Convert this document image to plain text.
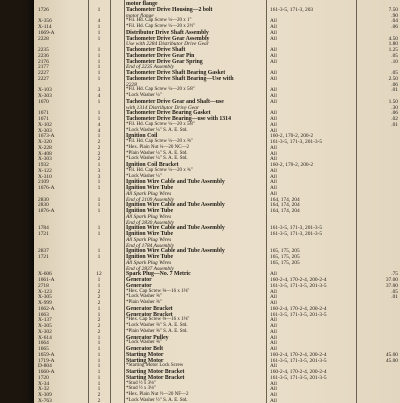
motor flange
1726	1	Tachometer Drive Housing—2 bolt	161-3-5, 171-3, 203	7.50
motor flange	.90
X-356	4	*Fil. Hd. Cap Screw ¼—20 x 1"	All	.04
X-114	1	*Fil. Hd. Cap Screw ¼—20 x 2½"	All	.06
1669-A	1	Distributor Drive Shaft Assembly	All
2228	1	Tachometer Drive Gear Assembly	All	4.50
Use with 2284 Distributor Drive Gear	1.80
2235	1	Tachometer Drive Shaft	All	1.25
2236	1	Tachometer Drive Gear Pin	All	.05
2176	1	Tachometer Drive Gear Spring	All	.10
2177	1	End of 2235 Assembly
2227	1	Tachometer Drive Shaft Bearing Gasket	All	.05
2227	1	Tachometer Drive Shaft Bearing—Use with	All	2.50
2228	.06
X-103	3	*Fil. Hd. Cap Screw ¼—20 x 5⁄8"	All	.01
X-303	4	*Lock Washer ¼"	All
1670	1	Tachometer Drive Gear and Shaft—use	All	1.50
with 1314 Distributor Drive Gear	.30
1671	1	Tachometer Drive Bearing Gasket	All	.06
1671	1	Tachometer Drive Bearing—use with 1314	All	.02
X-102	4	*Fil. Hd. Cap Screw ¼—20 x 5⁄8"	All	.01
X-303	4	*Lock Washer ¼" S. A. E. Std.	All
1673-A	1	Ignition Coil	160-2, 170-2, 200-2
X-320	2	*Fil. Hd. Cap Screw ¼—20 x ⅝"	161-3-5, 171-3, 201-3-5
X-228	2	*Hex. Plain Nut ¼—20 NC—2	All
X-408	2	*Plain Washer ¼" S. A. E. Std.	All
X-303	2	*Lock Washer ¼" S. A. E. Std.	All
1932	1	Ignition Coil Bracket	160-2, 170-2, 200-2
X-122	3	*Fil. Hd. Cap Screw ¼—20 x ¾"	All
X-310	3	*Lock Washer ¼"	All
2109	1	Ignition Wire Cable and Tube Assembly	All
1676-A	1	Ignition Wire Tube	All
All Spark Plug Wires	All
2830	1	End of 2109 Assembly	164, 174, 204
2830	1	Ignition Wire Cable and Tube Assembly	164, 174, 204
1876-A	1	Ignition Wire Tube	164, 174, 204
All Spark Plug Wires
End of 2830 Assembly
1784	1	Ignition Wire Cable and Tube Assembly	161-3-5, 171-3, 201-3-5
1721	1	Ignition Wire Tube	161-3-5, 171-3, 201-3-5
All Spark Plug Wires
End of 1784 Assembly
2837	1	Ignition Wire Cable and Tube Assembly	165, 175, 205
1721	1	Ignition Wire Tube	165, 175, 205
All Spark Plug Wires	165, 175, 205
End of 2837 Assembly
X-606	12	Spark Plug—No. 7 Metric	All	.75
1661-A	1	Generator	160-2-4, 170-2-4, 200-2-4	37.00
2718	1	Generator	161-3-5, 171-3-5, 201-3-5	37.00
X-123	2	*Hex. Cap Screw ⅜—16 x 1⅜"	All	.05
X-305	2	*Lock Washer ⅜"	All	.01
X-999	2	*Plain Washer ⅜"	All
1662-A	1	Generator Bracket	160-2-4, 170-2-4, 200-2-4
1663	1	Generator Bracket	161-3-5, 171-3-5, 201-3-5
X-137	2	*Hex. Cap Screw ⅜—16 x 1⅜"	All
X-305	2	*Lock Washer ⅜" S. A. E. Std.	All
X-302	2	*Plain Washer ⅝" S. A. E. Std.	All
X-614	1	Generator Pulley	All
1664	1	*Lock Washer ⅝"	All
1665	1	Generator Belt	All
1659-A	1	Starting Motor	160-2-4, 170-2-4, 200-2-4	45.00
1719-A	1	Starting Motor	161-3-5, 171-3-5, 201-3-5	45.00
D-804	1	*Starting Motor Lock Screw	All
1660-A	1	Starting Motor Bracket	160-2-4, 170-2-4, 200-2-4
1720	1	Starting Motor Bracket	161-3-5, 171-3-5, 201-3-5
X-34	1	*Stud ½ x 3⅛"	All
X-32	1	*Stud ½ x 3⅛"	All
X-309	2	*Hex. Plain Nut ½—20 NF—2	All
X-763	2	*Lock Washer ½" S. A. E. Std.	All
